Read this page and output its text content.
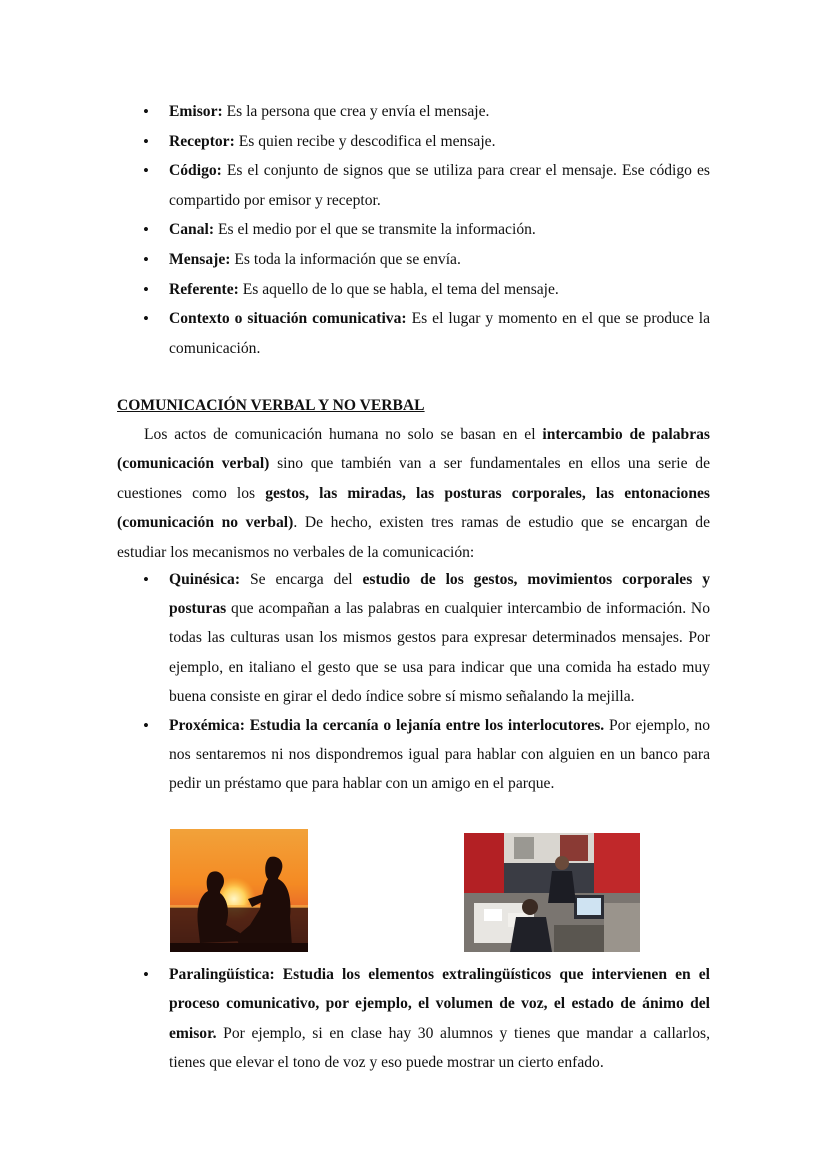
• Emisor: Es la persona que crea y envía el mensaje.
• Receptor: Es quien recibe y descodifica el mensaje.
• Código: Es el conjunto de signos que se utiliza para crear el mensaje. Ese código es compartido por emisor y receptor.
• Canal: Es el medio por el que se transmite la información.
• Mensaje: Es toda la información que se envía.
• Referente: Es aquello de lo que se habla, el tema del mensaje.
• Contexto o situación comunicativa: Es el lugar y momento en el que se produce la comunicación.
COMUNICACIÓN VERBAL Y NO VERBAL

Los actos de comunicación humana no solo se basan en el intercambio de palabras (comunicación verbal) sino que también van a ser fundamentales en ellos una serie de cuestiones como los gestos, las miradas, las posturas corporales, las entonaciones (comunicación no verbal). De hecho, existen tres ramas de estudio que se encargan de estudiar los mecanismos no verbales de la comunicación:

• Quinésica: Se encarga del estudio de los gestos, movimientos corporales y posturas que acompañan a las palabras en cualquier intercambio de información. No todas las culturas usan los mismos gestos para expresar determinados mensajes. Por ejemplo, en italiano el gesto que se usa para indicar que una comida ha estado muy buena consiste en girar el dedo índice sobre sí mismo señalando la mejilla.
• Proxémica: Estudia la cercanía o lejanía entre los interlocutores. Por ejemplo, no nos sentaremos ni nos dispondremos igual para hablar con alguien en un banco para pedir un préstamo que para hablar con un amigo en el parque.
• Paralingüística: Estudia los elementos extralingüísticos que intervienen en el proceso comunicativo, por ejemplo, el volumen de voz, el estado de ánimo del emisor. Por ejemplo, si en clase hay 30 alumnos y tienes que mandar a callarlos, tienes que elevar el tono de voz y eso puede mostrar un cierto enfado.
